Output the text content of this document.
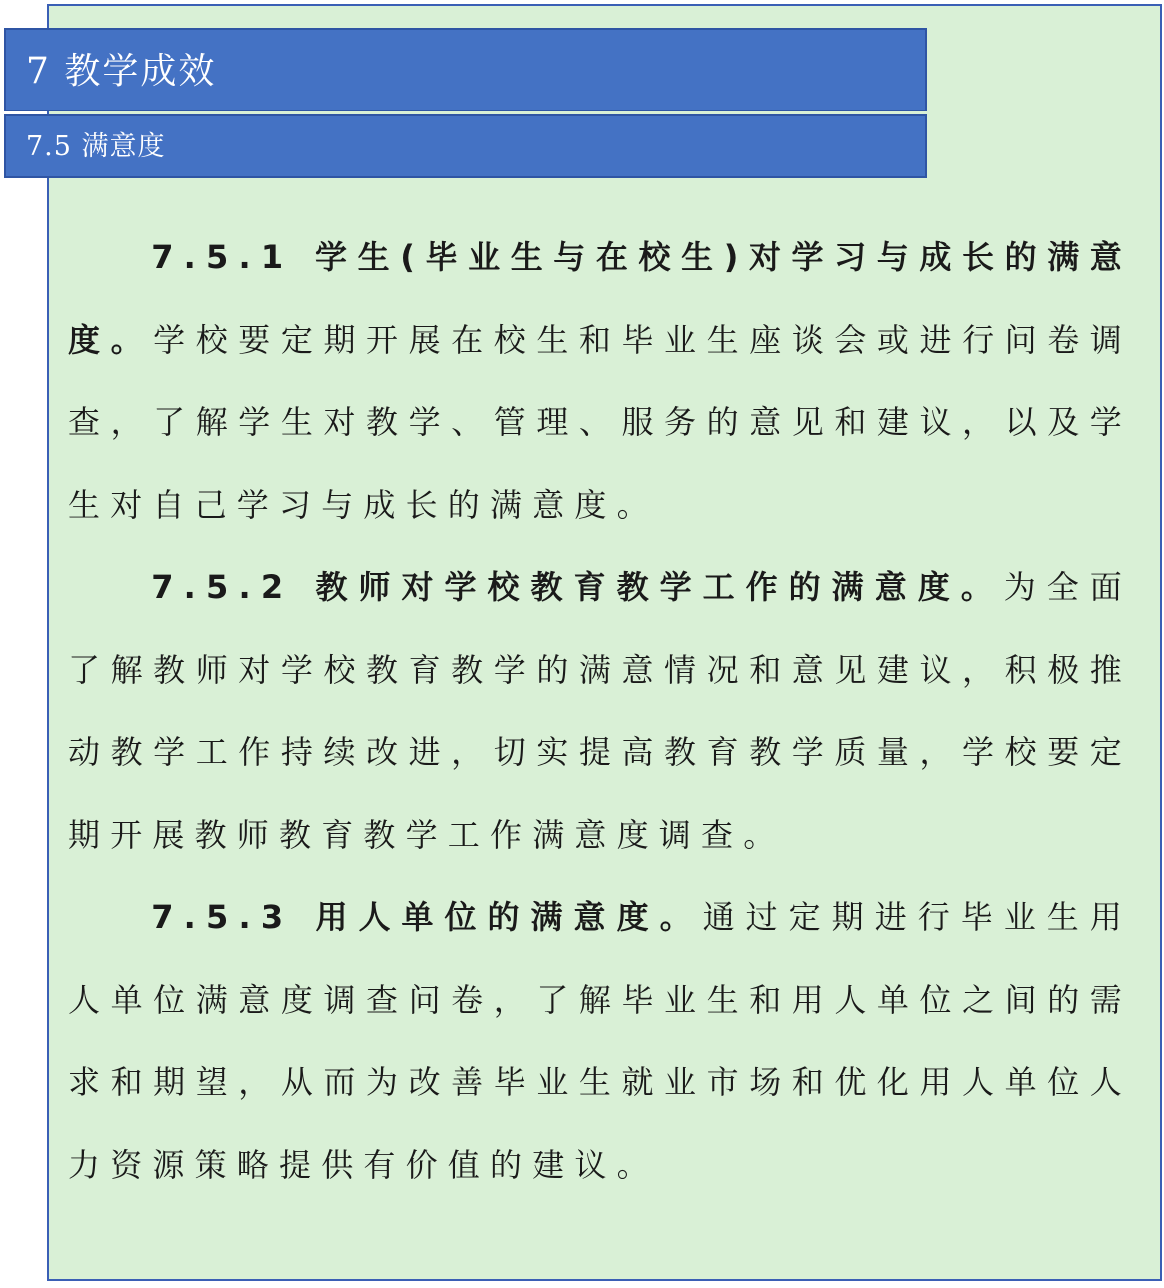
7 教学成效
7.5 满意度

7.5.1 学生(毕业生与在校生)对学习与成长的满意度。学校要定期开展在校生和毕业生座谈会或进行问卷调查，了解学生对教学、管理、服务的意见和建议，以及学生对自己学习与成长的满意度。

7.5.2 教师对学校教育教学工作的满意度。为全面了解教师对学校教育教学的满意情况和意见建议，积极推动教学工作持续改进，切实提高教育教学质量，学校要定期开展教师教育教学工作满意度调查。

7.5.3 用人单位的满意度。通过定期进行毕业生用人单位满意度调查问卷，了解毕业生和用人单位之间的需求和期望，从而为改善毕业生就业市场和优化用人单位人力资源策略提供有价值的建议。
